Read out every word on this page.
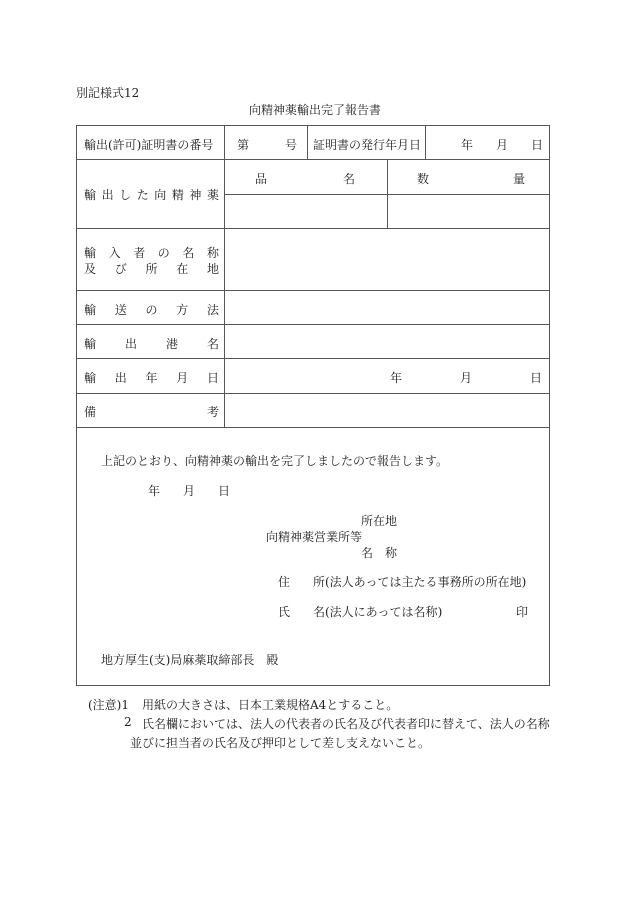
別記様式12
向精神薬輸出完了報告書
輸出(許可)証明書の番号 第	号 証明書の発行年月日	年 月 日
輸 出 し た 向 精 神 薬
品	名	数	量
輸 入 者 の 名 称
及 び 所 在 地
輸 送 の 方 法
輸 出 港 名
輸 出 年 月 日	年	月	日
備	考
上記のとおり、向精神薬の輸出を完了しましたので報告します。
年 月 日
所在地
向精神薬営業所等
名　称
住 所(法人あっては主たる事務所の所在地)
氏 名(法人にあっては名称)	印
地方厚生(支)局麻薬取締部長　殿
(注意)1 用紙の大きさは、日本工業規格A4とすること。
2 氏名欄においては、法人の代表者の氏名及び代表者印に替えて、法人の名称
並びに担当者の氏名及び押印として差し支えないこと。
